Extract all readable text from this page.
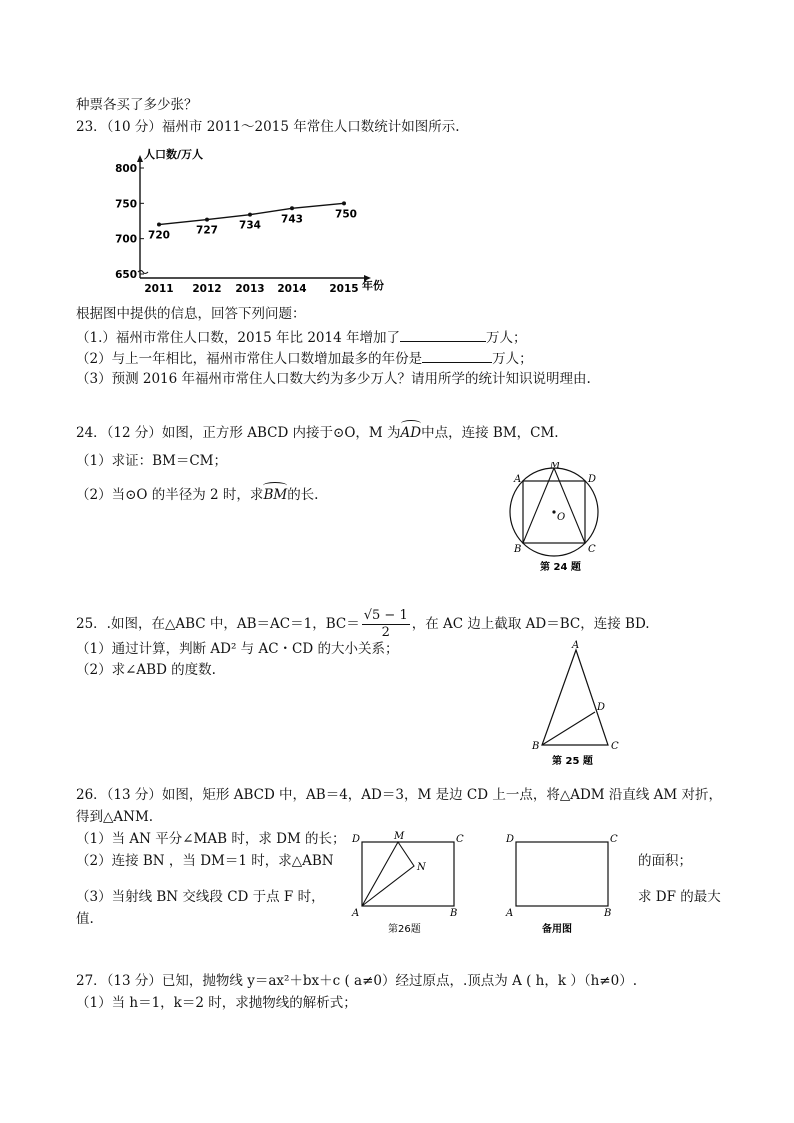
种票各买了多少张？
23．（10 分）福州市 2011～2015 年常住人口数统计如图所示.
人口数/万人
年份
650
700
750
800
2011 2012 2013 2014 2015
720 727 734
743	750
根据图中提供的信息，回答下列问题：
（1.）福州市常住人口数，2015 年比 2014 年增加了	万人；
（2）与上一年相比，福州市常住人口数增加最多的年份是	万人；
（3）预测 2016 年福州市常住人口数大约为多少万人？请用所学的统计知识说明理由.
24．（12 分）如图，正方形 ABCD 内接于⊙O，M 为AD中点，连接 BM，CM.
（1）求证：BM＝CM；
（2）当⊙O 的半径为 2 时，求BM的长.
M
A	D
B	C
O
第 24 题
25．.如图，在△ABC 中，AB＝AC＝1，$BC= \frac{√5 - 1}{2}$ ，在 AC 边上截取 AD＝BC，连接 BD.
（1）通过计算，判断 AD² 与 AC・CD 的大小关系；
（2）求∠ABD 的度数.
A
B	C
D
第 25 题
26．（13 分）如图，矩形 ABCD 中，AB＝4，AD＝3，M 是边 CD 上一点，将△ADM 沿直线 AM 对折，
得到△ANM.
（1）当 AN 平分∠MAB 时，求 DM 的长；
（2）连接 BN ，当 DM＝1 时，求△ABN	的面积；
（3）当射线 BN 交线段 CD 于点 F 时，	求 DF 的最大
值.
D	M	C
N
A	B
第26题
D	C
A	B
备用图
27．（13 分）已知，抛物线 y＝ax²＋bx＋c ( a≠0）经过原点，.顶点为 A ( h，k ）（h≠0）.
（1）当 h＝1，k＝2 时，求抛物线的解析式；
